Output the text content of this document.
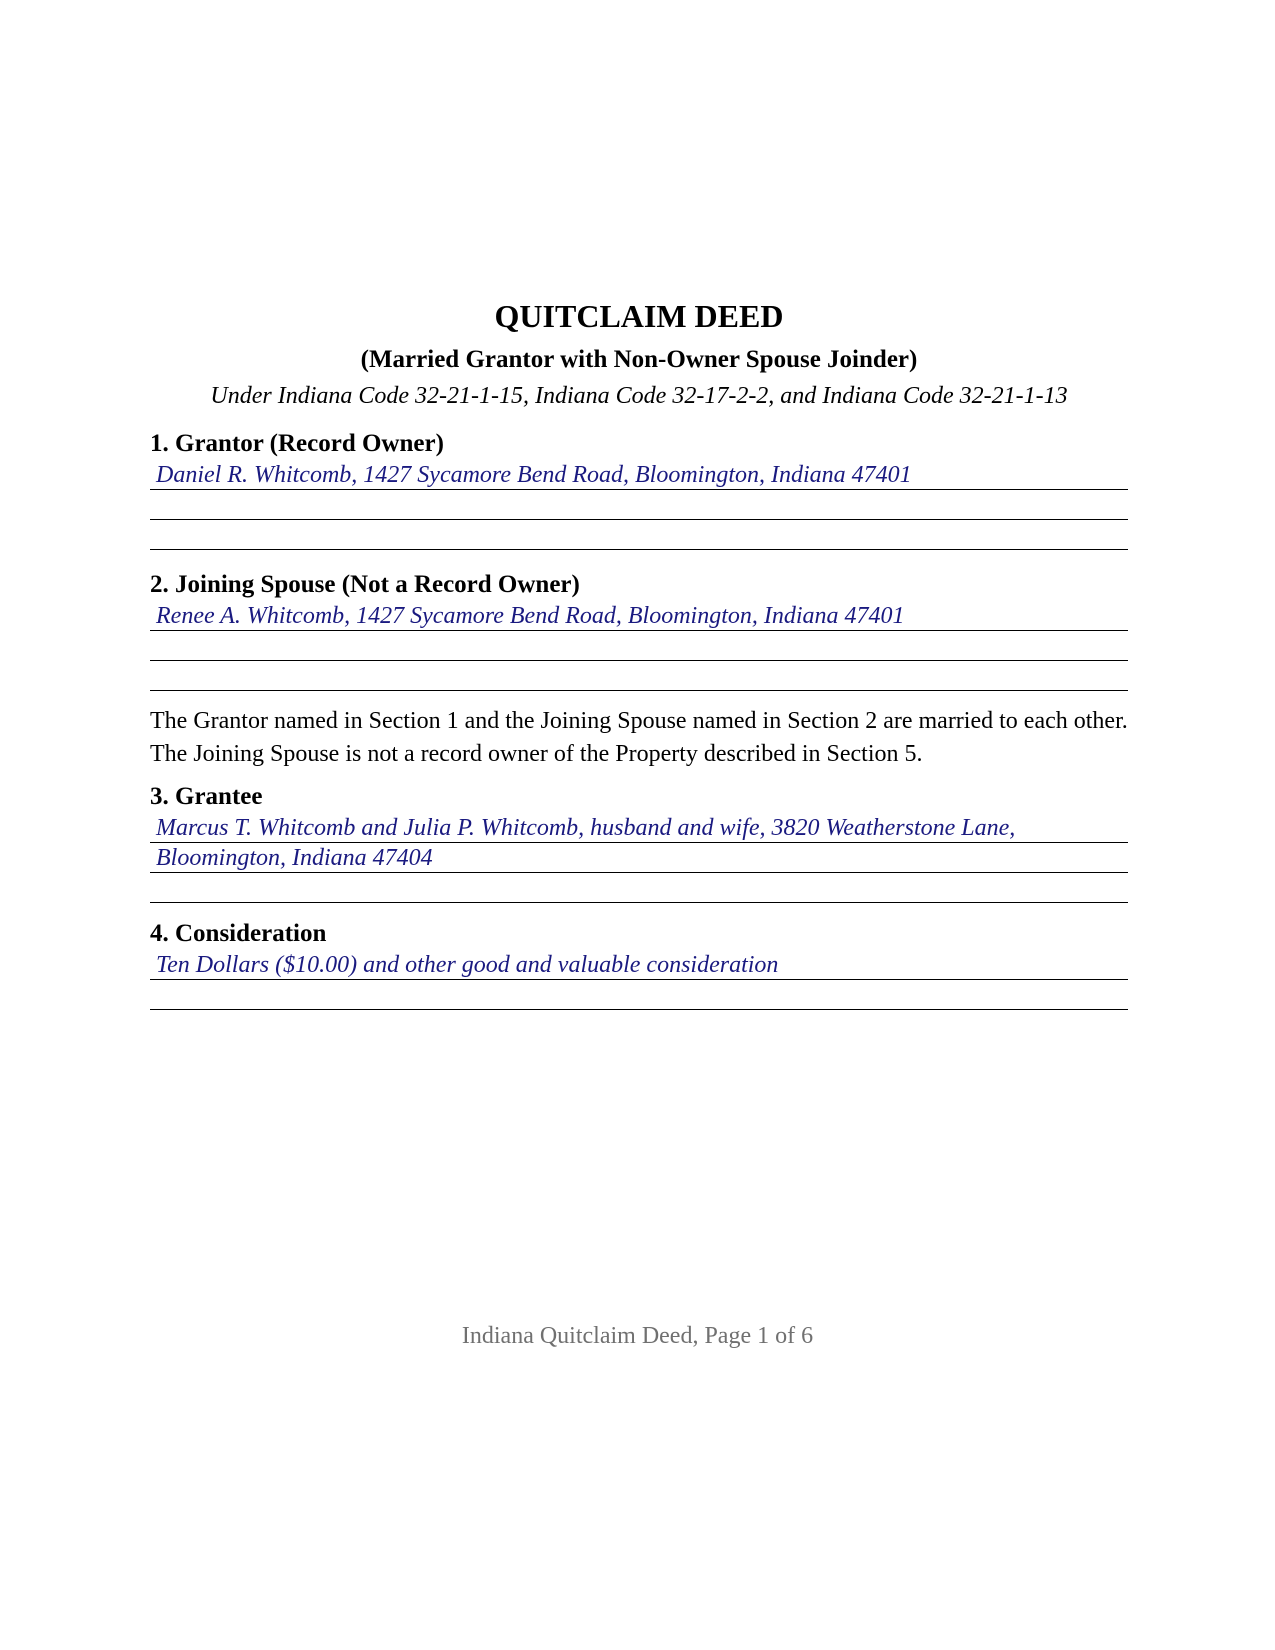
QUITCLAIM DEED
(Married Grantor with Non-Owner Spouse Joinder)
Under Indiana Code 32-21-1-15, Indiana Code 32-17-2-2, and Indiana Code 32-21-1-13
1. Grantor (Record Owner)
Daniel R. Whitcomb, 1427 Sycamore Bend Road, Bloomington, Indiana 47401
2. Joining Spouse (Not a Record Owner)
Renee A. Whitcomb, 1427 Sycamore Bend Road, Bloomington, Indiana 47401

The Grantor named in Section 1 and the Joining Spouse named in Section 2 are married to each other. The Joining Spouse is not a record owner of the Property described in Section 5.

3. Grantee
Marcus T. Whitcomb and Julia P. Whitcomb, husband and wife, 3820 Weatherstone Lane, Bloomington, Indiana 47404
4. Consideration
Ten Dollars ($10.00) and other good and valuable consideration
Indiana Quitclaim Deed, Page 1 of 6
